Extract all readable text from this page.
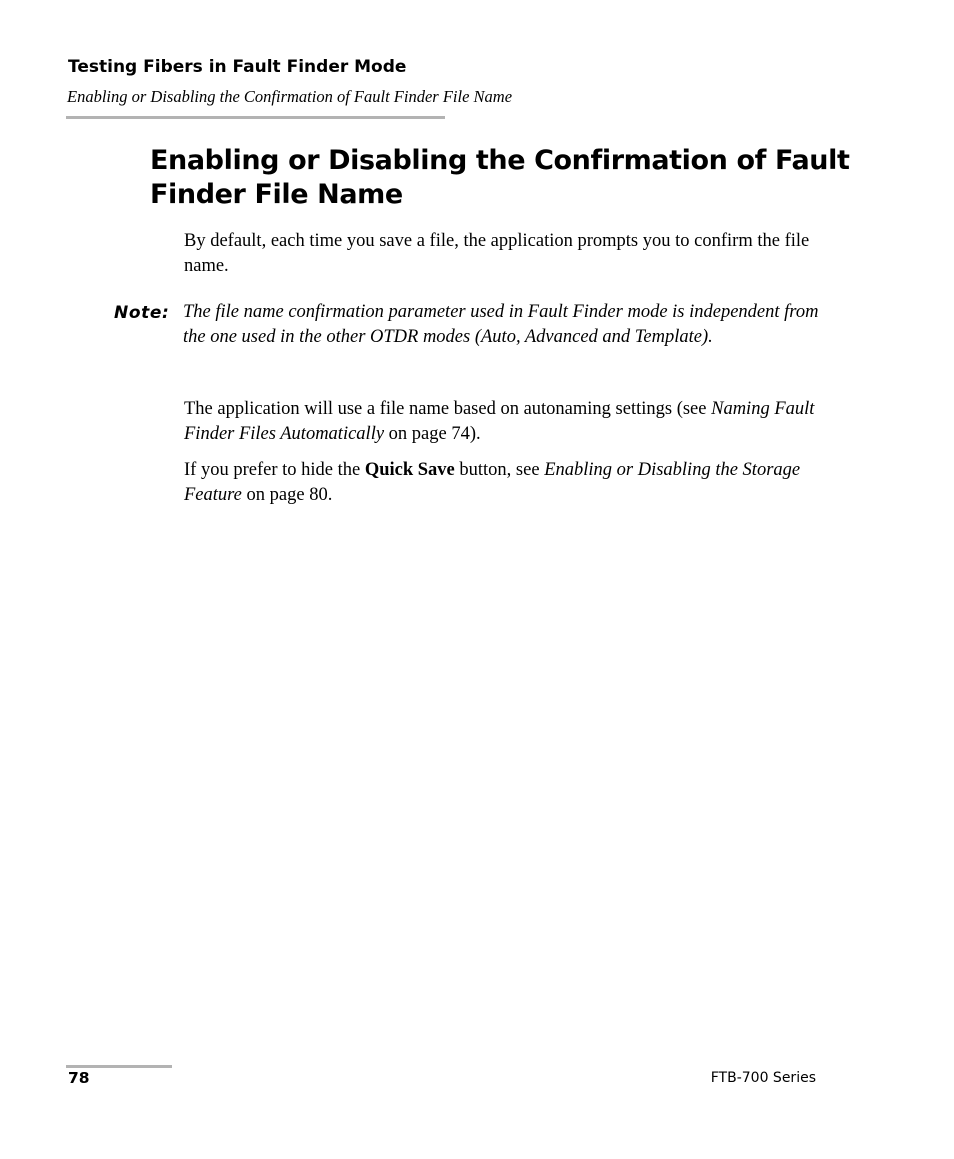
Testing Fibers in Fault Finder Mode
Enabling or Disabling the Confirmation of Fault Finder File Name
Enabling or Disabling the Confirmation of Fault Finder File Name

By default, each time you save a file, the application prompts you to confirm the file name.

Note: The file name confirmation parameter used in Fault Finder mode is independent from the one used in the other OTDR modes (Auto, Advanced and Template).

The application will use a file name based on autonaming settings (see Naming Fault Finder Files Automatically on page 74).

If you prefer to hide the Quick Save button, see Enabling or Disabling the Storage Feature on page 80.

78	FTB-700 Series
